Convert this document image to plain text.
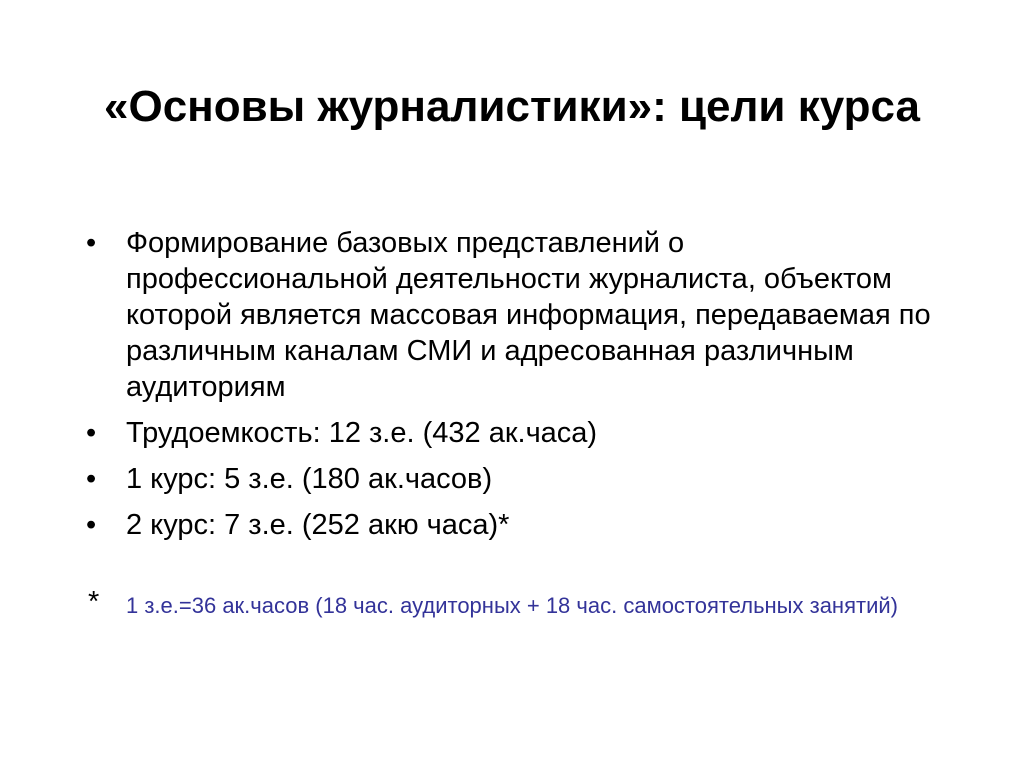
«Основы журналистики»: цели курса
• Формирование базовых представлений о профессиональной деятельности журналиста, объектом которой является массовая информация, передаваемая по различным каналам СМИ и адресованная различным аудиториям
• Трудоемкость: 12 з.е. (432 ак.часа)
• 1 курс: 5 з.е. (180 ак.часов)
• 2 курс: 7 з.е. (252 акю часа)*
* 1 з.е.=36 ак.часов (18 час. аудиторных + 18 час. самостоятельных занятий)
